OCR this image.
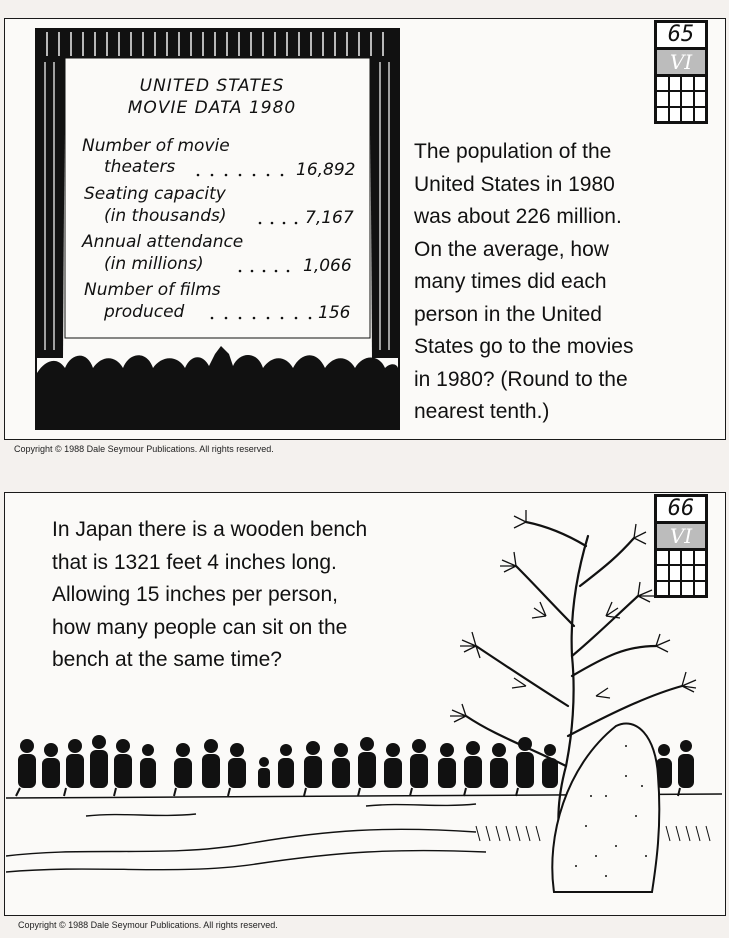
UNITED STATES
MOVIE DATA 1980
Number of movie
theaters	16,892
Seating capacity
(in thousands)	7,167
Annual attendance
(in millions)	1,066
Number of films
produced	156
65
VI
The population of the
United States in 1980
was about 226 million.
On the average, how
many times did each
person in the United
States go to the movies
in 1980? (Round to the
nearest tenth.)
Copyright © 1988 Dale Seymour Publications. All rights reserved.
66
VI
In Japan there is a wooden bench
that is 1321 feet 4 inches long.
Allowing 15 inches per person,
how many people can sit on the
bench at the same time?
Copyright © 1988 Dale Seymour Publications. All rights reserved.
